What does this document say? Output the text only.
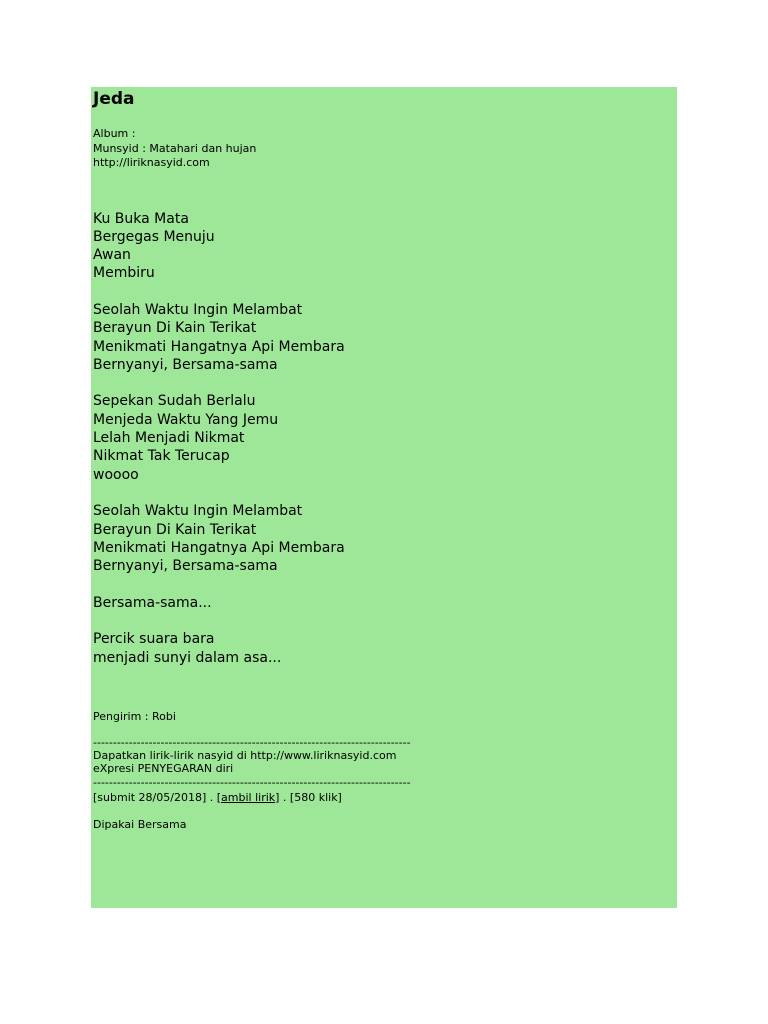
Jeda
Album :
Munsyid : Matahari dan hujan
http://liriknasyid.com
Ku Buka Mata
Bergegas Menuju
Awan
Membiru
Seolah Waktu Ingin Melambat
Berayun Di Kain Terikat
Menikmati Hangatnya Api Membara
Bernyanyi, Bersama-sama
Sepekan Sudah Berlalu
Menjeda Waktu Yang Jemu
Lelah Menjadi Nikmat
Nikmat Tak Terucap
woooo
Seolah Waktu Ingin Melambat
Berayun Di Kain Terikat
Menikmati Hangatnya Api Membara
Bernyanyi, Bersama-sama
Bersama-sama...
Percik suara bara
menjadi sunyi dalam asa...
Pengirim : Robi
--------------------------------------------------------------------------------
Dapatkan lirik-lirik nasyid di http://www.liriknasyid.com
eXpresi PENYEGARAN diri
--------------------------------------------------------------------------------
[submit 28/05/2018] . [ambil lirik] . [580 klik]
Dipakai Bersama
